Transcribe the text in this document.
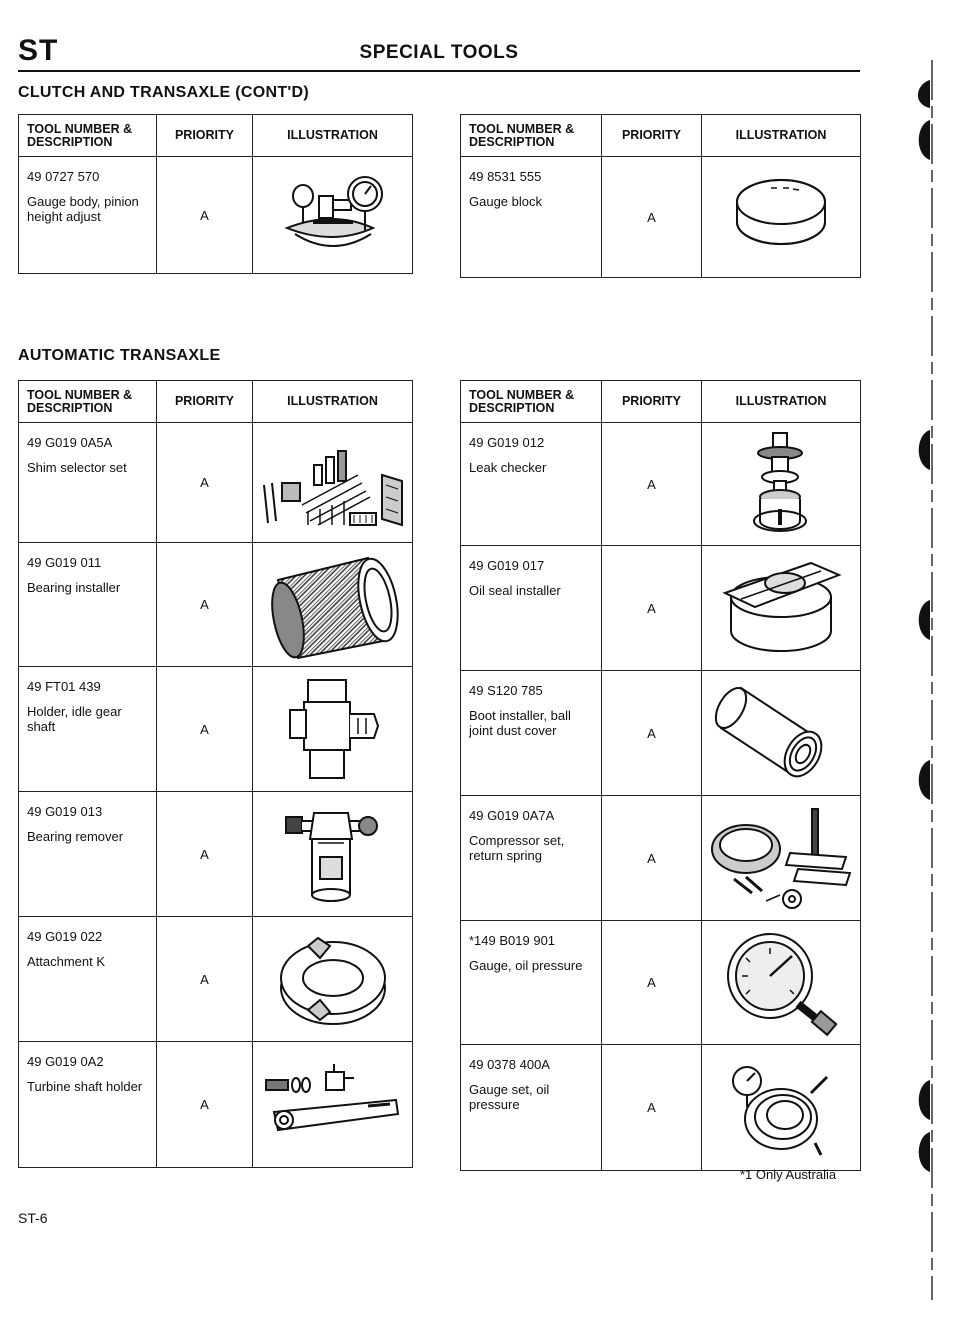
ST	SPECIAL TOOLS
CLUTCH AND TRANSAXLE (CONT'D)
TOOL NUMBER & DESCRIPTION	PRIORITY	ILLUSTRATION

49 0727 570
Gauge body, pinion height adjust	A	
TOOL NUMBER & DESCRIPTION	PRIORITY	ILLUSTRATION

49 8531 555
Gauge block	A	
AUTOMATIC TRANSAXLE
TOOL NUMBER & DESCRIPTION	PRIORITY	ILLUSTRATION

49 G019 0A5A
Shim selector set	A	

49 G019 011
Bearing installer	A	

49 FT01 439
Holder, idle gear shaft	A	

49 G019 013
Bearing remover	A	

49 G019 022
Attachment K	A	

49 G019 0A2
Turbine shaft holder	A	
TOOL NUMBER & DESCRIPTION	PRIORITY	ILLUSTRATION

49 G019 012
Leak checker	A	

49 G019 017
Oil seal installer	A	

49 S120 785
Boot installer, ball joint dust cover	A	

49 G019 0A7A
Compressor set, return spring	A	

*149 B019 901
Gauge, oil pressure	A	

49 0378 400A
Gauge set, oil pressure	A	
*1 Only Australia
ST-6
